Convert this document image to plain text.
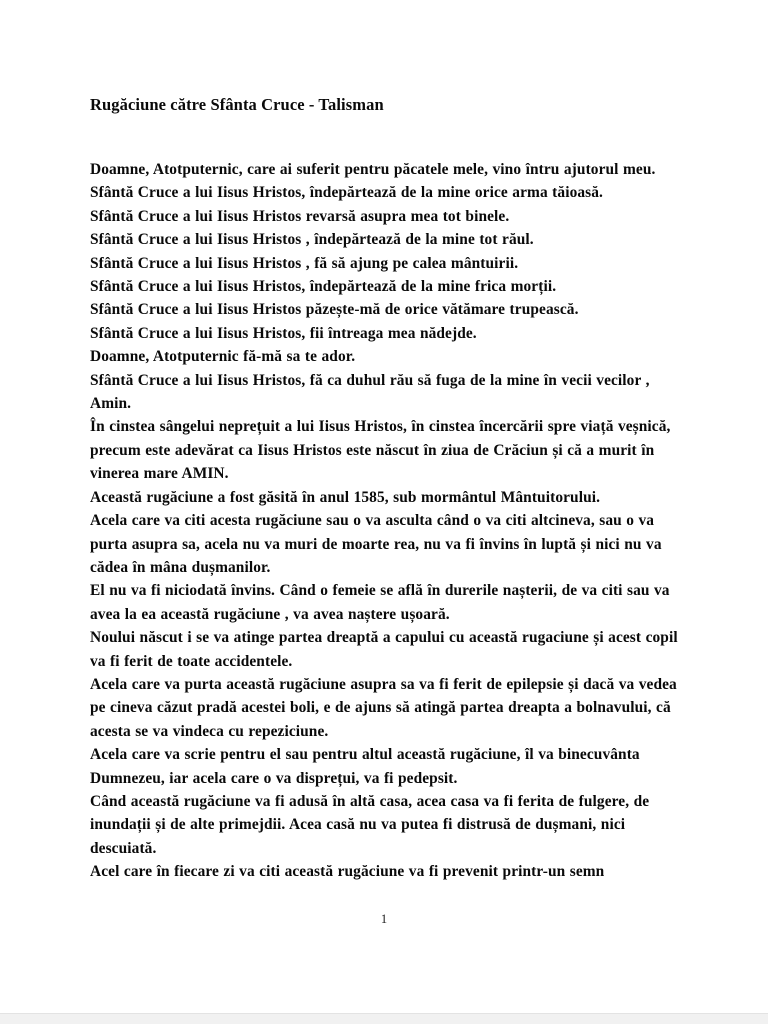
Rugăciune către Sfânta Cruce - Talisman

Doamne, Atotputernic, care ai suferit pentru păcatele mele, vino întru ajutorul meu.

Sfântă Cruce a lui Iisus Hristos, îndepărtează de la mine orice arma tăioasă.

Sfântă Cruce a lui Iisus Hristos revarsă asupra mea tot binele.

Sfântă Cruce a lui Iisus Hristos , îndepărtează de la mine tot răul.

Sfântă Cruce a lui Iisus Hristos , fă să ajung pe calea mântuirii.

Sfântă Cruce a lui Iisus Hristos, îndepărtează de la mine frica morții.

Sfântă Cruce a lui Iisus Hristos păzește-mă de orice vătămare trupească.

Sfântă Cruce a lui Iisus Hristos, fii întreaga mea nădejde.

Doamne, Atotputernic fă-mă sa te ador.

Sfântă Cruce a lui Iisus Hristos, fă ca duhul rău să fuga de la mine în vecii vecilor , Amin.

În cinstea sângelui neprețuit a lui Iisus Hristos, în cinstea încercării spre viață veșnică, precum este adevărat ca Iisus Hristos este născut în ziua de Crăciun și că a murit în vinerea mare AMIN.

Această rugăciune a fost găsită în anul 1585, sub mormântul Mântuitorului.

Acela care va citi acesta rugăciune sau o va asculta când o va citi altcineva, sau o va purta asupra sa, acela nu va muri de moarte rea, nu va fi învins în luptă și nici nu va cădea în mâna dușmanilor.

El nu va fi niciodată învins. Când o femeie se află în durerile nașterii, de va citi sau va avea la ea această rugăciune , va avea naștere ușoară.

Noului născut i se va atinge partea dreaptă a capului cu această rugaciune și acest copil va fi ferit de toate accidentele.

Acela care va purta această rugăciune asupra sa va fi ferit de epilepsie și dacă va vedea pe cineva căzut pradă acestei boli, e de ajuns să atingă partea dreapta a bolnavului, că acesta se va vindeca cu repeziciune.

Acela care va scrie pentru el sau pentru altul această rugăciune, îl va binecuvânta Dumnezeu, iar acela care o va disprețui, va fi pedepsit.

Când această rugăciune va fi adusă în altă casa, acea casa va fi ferita de fulgere, de inundații și de alte primejdii. Acea casă nu va putea fi distrusă de dușmani, nici descuiată.

Acel care în fiecare zi va citi această rugăciune va fi prevenit printr-un semn

1
